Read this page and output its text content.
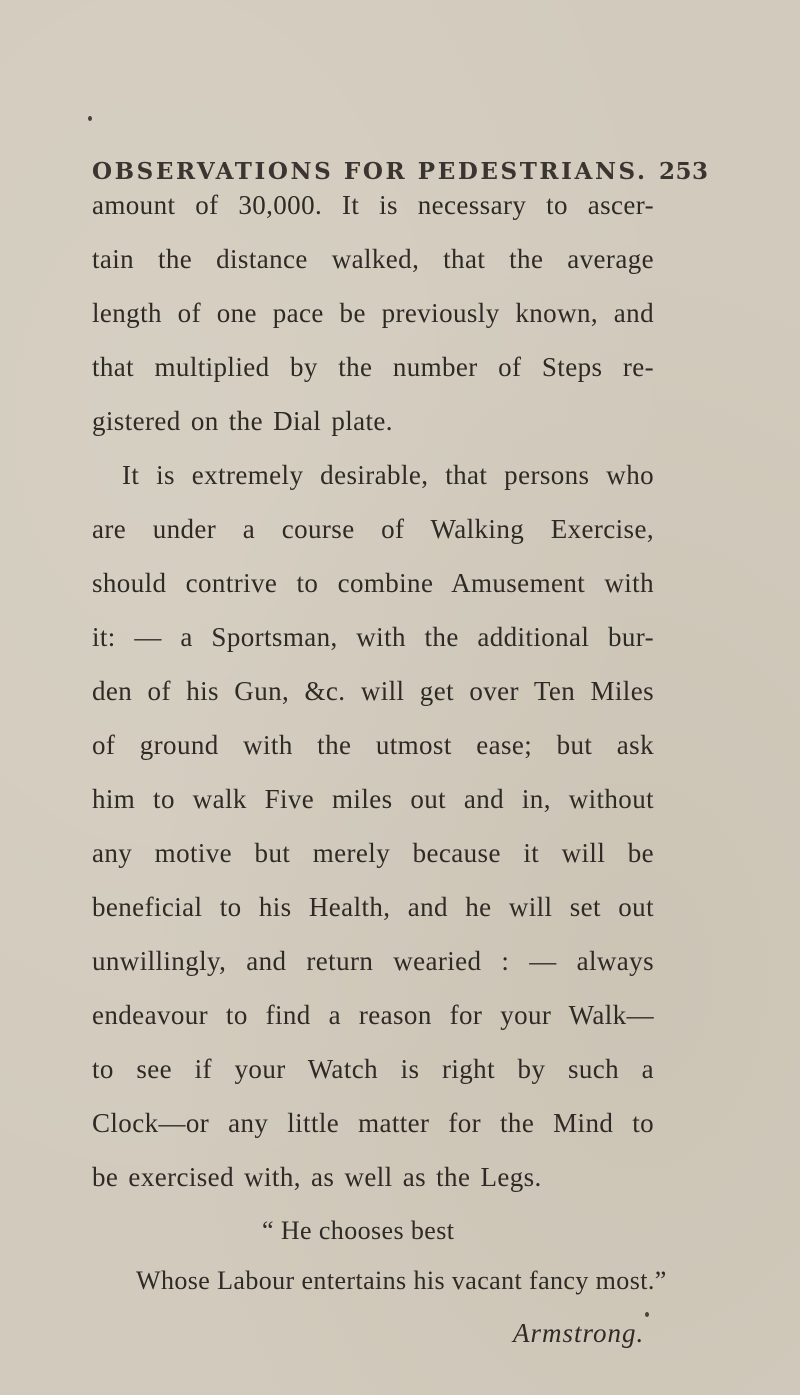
OBSERVATIONS FOR PEDESTRIANS. 253
amount of 30,000. It is necessary to ascer-
tain the distance walked, that the average
length of one pace be previously known, and
that multiplied by the number of Steps re-
gistered on the Dial plate.
It is extremely desirable, that persons who
are under a course of Walking Exercise,
should contrive to combine Amusement with
it: — a Sportsman, with the additional bur-
den of his Gun, &c. will get over Ten Miles
of ground with the utmost ease; but ask
him to walk Five miles out and in, without
any motive but merely because it will be
beneficial to his Health, and he will set out
unwillingly, and return wearied : — always
endeavour to find a reason for your Walk—
to see if your Watch is right by such a
Clock—or any little matter for the Mind to
be exercised with, as well as the Legs.
“ He chooses best
Whose Labour entertains his vacant fancy most.”
Armstrong.
